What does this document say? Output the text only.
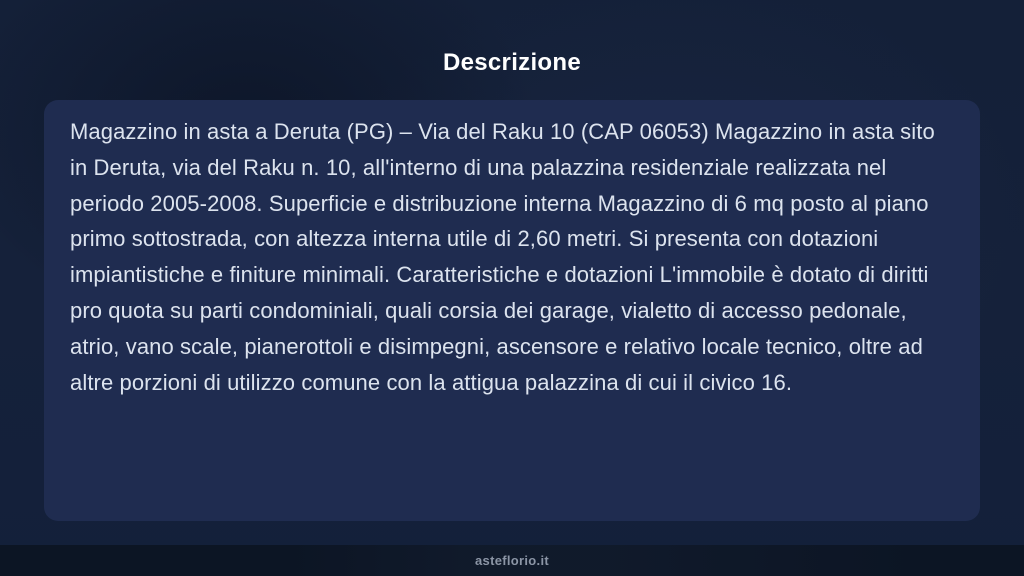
Descrizione

Magazzino in asta a Deruta (PG) – Via del Raku 10 (CAP 06053) Magazzino in asta sito in Deruta, via del Raku n. 10, all'interno di una palazzina residenziale realizzata nel periodo 2005-2008. Superficie e distribuzione interna Magazzino di 6 mq posto al piano primo sottostrada, con altezza interna utile di 2,60 metri. Si presenta con dotazioni impiantistiche e finiture minimali. Caratteristiche e dotazioni L'immobile è dotato di diritti pro quota su parti condominiali, quali corsia dei garage, vialetto di accesso pedonale, atrio, vano scale, pianerottoli e disimpegni, ascensore e relativo locale tecnico, oltre ad altre porzioni di utilizzo comune con la attigua palazzina di cui il civico 16.

asteflorio.it
